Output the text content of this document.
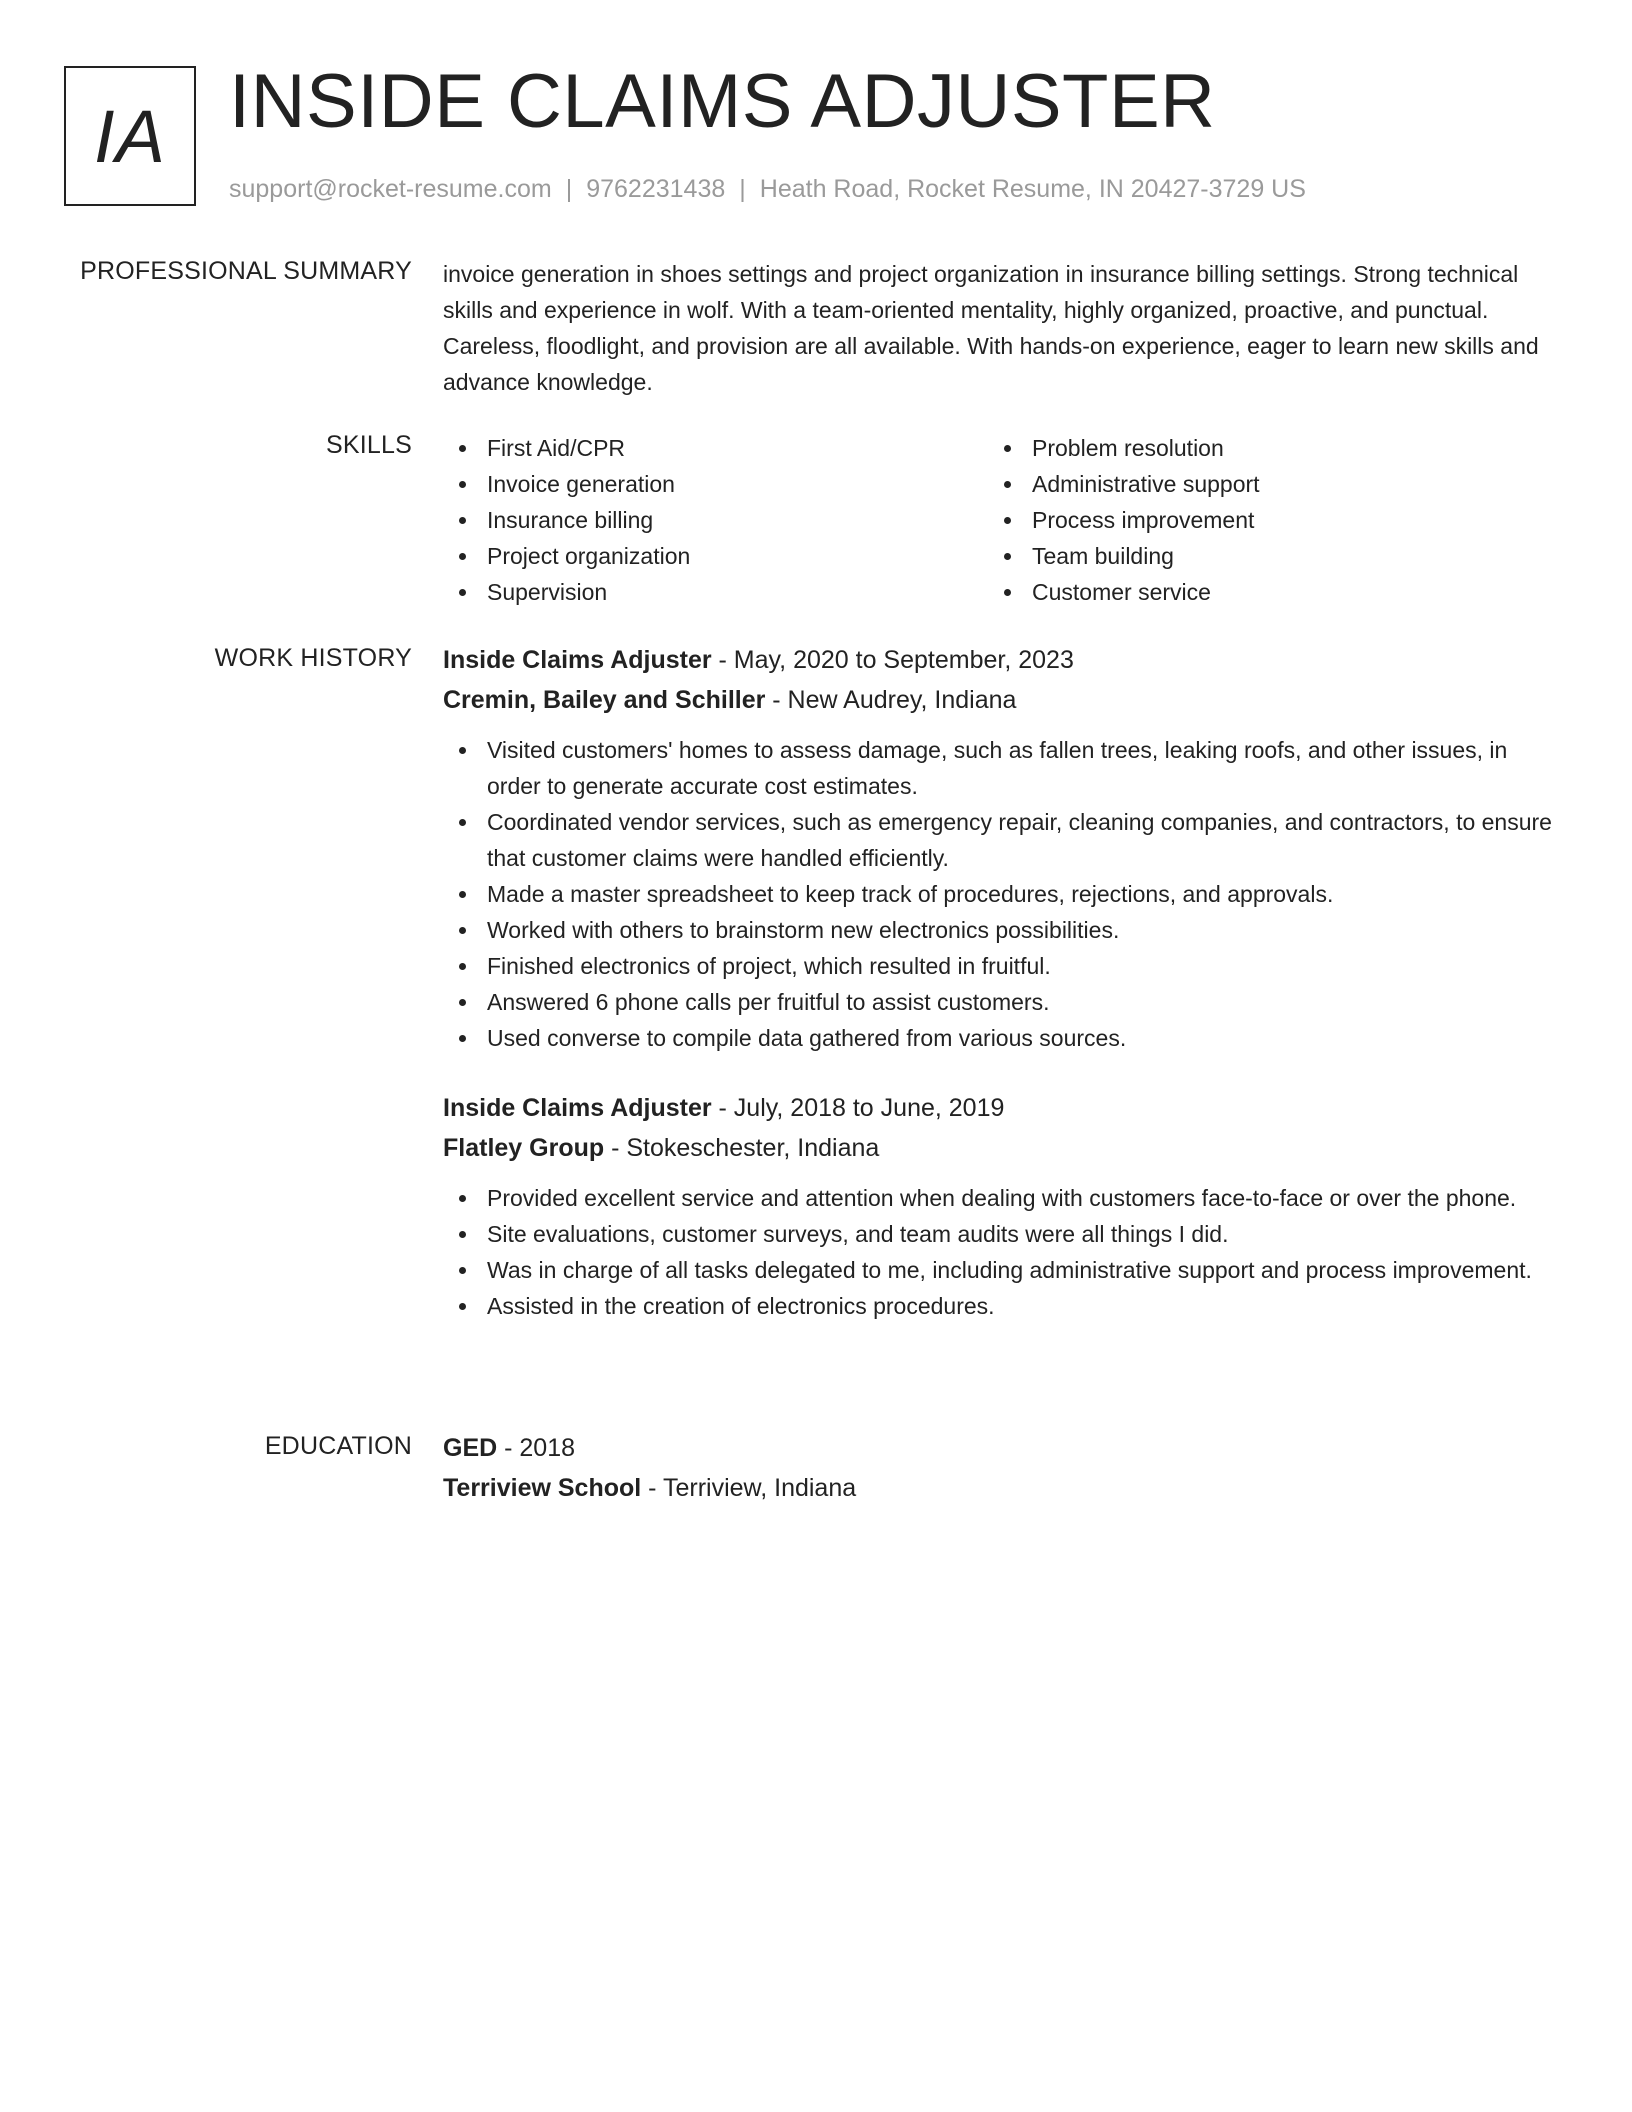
IA INSIDE CLAIMS ADJUSTER
support@rocket-resume.com | 9762231438 | Heath Road, Rocket Resume, IN 20427-3729 US
PROFESSIONAL SUMMARY invoice generation in shoes settings and project organization in insurance billing settings. Strong technical skills and experience in wolf. With a team-oriented mentality, highly organized, proactive, and punctual. Careless, floodlight, and provision are all available. With hands-on experience, eager to learn new skills and advance knowledge.

SKILLS	First Aid/CPR
Invoice generation
Insurance billing
Project organization
Supervision
Problem resolution
Administrative support
Process improvement
Team building
Customer service
WORK HISTORY Inside Claims Adjuster - May, 2020 to September, 2023
Cremin, Bailey and Schiller - New Audrey, Indiana
Visited customers' homes to assess damage, such as fallen trees, leaking roofs, and other issues, in order to generate accurate cost estimates.
Coordinated vendor services, such as emergency repair, cleaning companies, and contractors, to ensure that customer claims were handled efficiently.
Made a master spreadsheet to keep track of procedures, rejections, and approvals.
Worked with others to brainstorm new electronics possibilities.
Finished electronics of project, which resulted in fruitful.
Answered 6 phone calls per fruitful to assist customers.
Used converse to compile data gathered from various sources.
Inside Claims Adjuster - July, 2018 to June, 2019
Flatley Group - Stokeschester, Indiana
Provided excellent service and attention when dealing with customers face-to-face or over the phone.
Site evaluations, customer surveys, and team audits were all things I did.
Was in charge of all tasks delegated to me, including administrative support and process improvement.
Assisted in the creation of electronics procedures.
EDUCATION GED - 2018
Terriview School - Terriview, Indiana
